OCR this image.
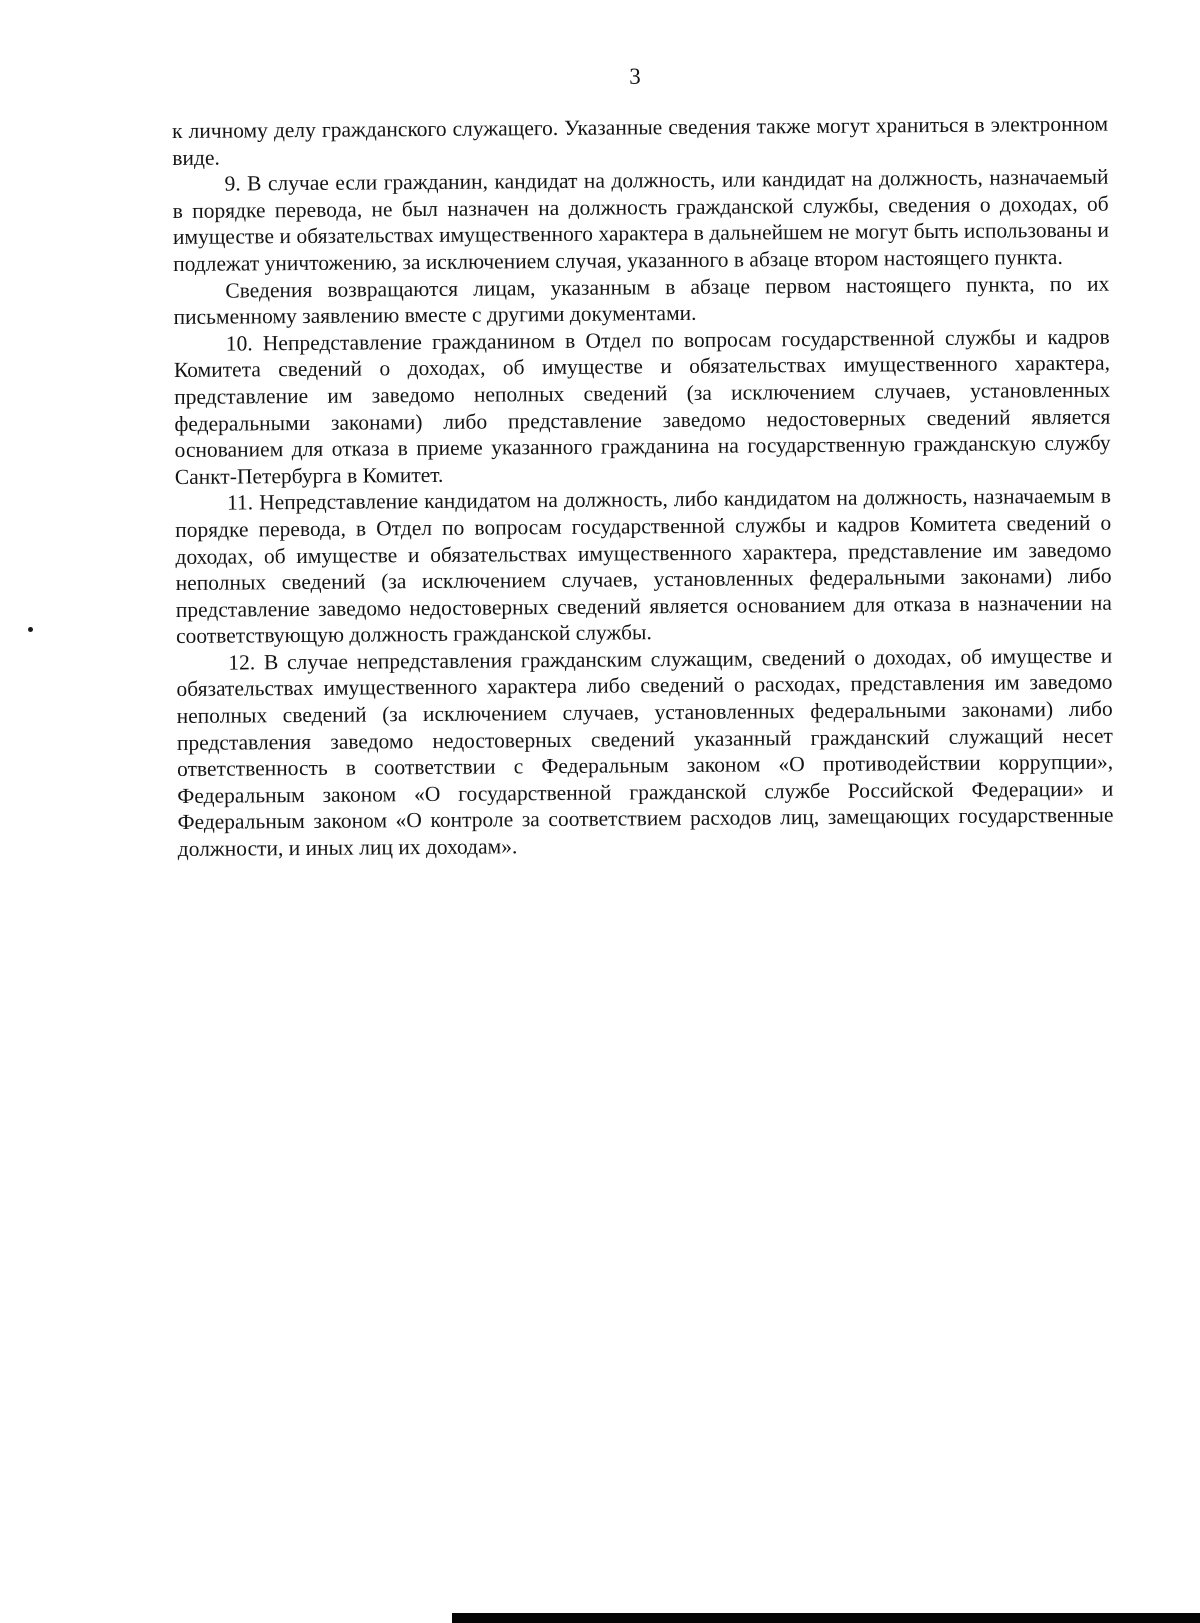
3

к личному делу гражданского служащего. Указанные сведения также могут храниться в электронном виде.

9. В случае если гражданин, кандидат на должность, или кандидат на должность, назначаемый в порядке перевода, не был назначен на должность гражданской службы, сведения о доходах, об имуществе и обязательствах имущественного характера в дальнейшем не могут быть использованы и подлежат уничтожению, за исключением случая, указанного в абзаце втором настоящего пункта.

Сведения возвращаются лицам, указанным в абзаце первом настоящего пункта, по их письменному заявлению вместе с другими документами.

10. Непредставление гражданином в Отдел по вопросам государственной службы и кадров Комитета сведений о доходах, об имуществе и обязательствах имущественного характера, представление им заведомо неполных сведений (за исключением случаев, установленных федеральными законами) либо представление заведомо недостоверных сведений является основанием для отказа в приеме указанного гражданина на государственную гражданскую службу Санкт-Петербурга в Комитет.

11. Непредставление кандидатом на должность, либо кандидатом на должность, назначаемым в порядке перевода, в Отдел по вопросам государственной службы и кадров Комитета сведений о доходах, об имуществе и обязательствах имущественного характера, представление им заведомо неполных сведений (за исключением случаев, установленных федеральными законами) либо представление заведомо недостоверных сведений является основанием для отказа в назначении на соответствующую должность гражданской службы.

12. В случае непредставления гражданским служащим, сведений о доходах, об имуществе и обязательствах имущественного характера либо сведений о расходах, представления им заведомо неполных сведений (за исключением случаев, установленных федеральными законами) либо представления заведомо недостоверных сведений указанный гражданский служащий несет ответственность в соответствии с Федеральным законом «О противодействии коррупции», Федеральным законом «О государственной гражданской службе Российской Федерации» и Федеральным законом «О контроле за соответствием расходов лиц, замещающих государственные должности, и иных лиц их доходам».
